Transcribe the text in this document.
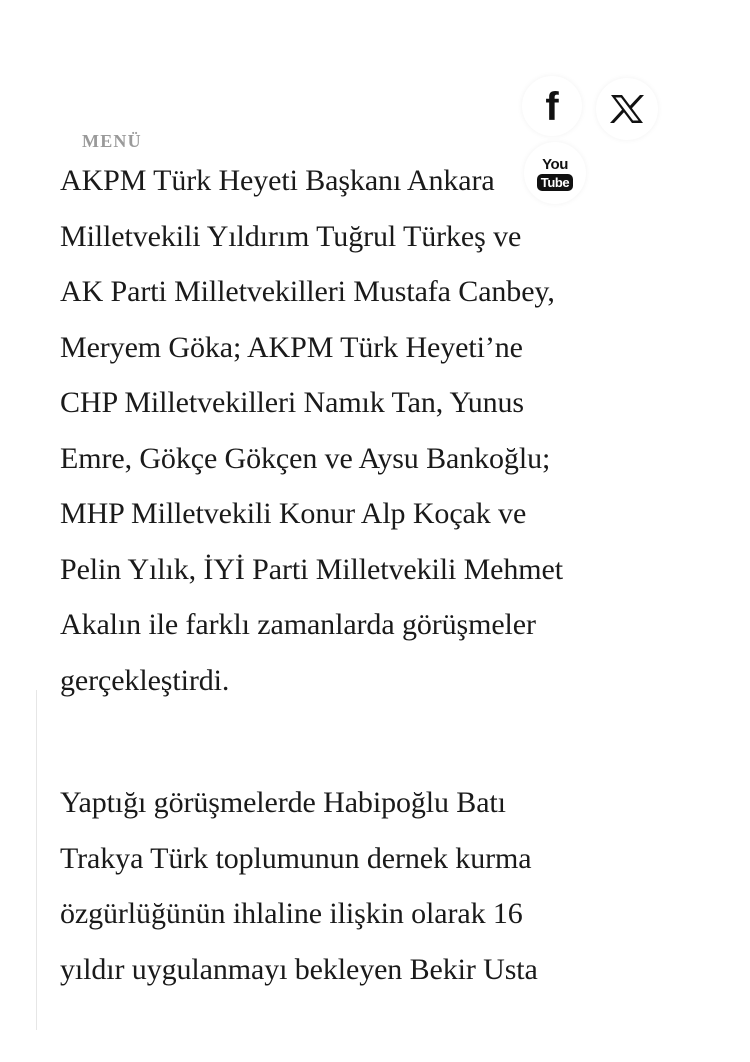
AKPM Türk Heyeti Başkanı Ankara
Milletvekili Yıldırım Tuğrul Türkeş ve
AK Parti Milletvekilleri Mustafa Canbey,
Meryem Göka; AKPM Türk Heyeti’ne
CHP Milletvekilleri Namık Tan, Yunus
Emre, Gökçe Gökçen ve Aysu Bankoğlu;
MHP Milletvekili Konur Alp Koçak ve
Pelin Yılık, İYİ Parti Milletvekili Mehmet
Akalın ile farklı zamanlarda görüşmeler
gerçekleştirdi.

Yaptığı görüşmelerde Habipoğlu Batı
Trakya Türk toplumunun dernek kurma
özgürlüğünün ihlaline ilişkin olarak 16
yıldır uygulanmayı bekleyen Bekir Usta

MENÜ
f
You
Tube
